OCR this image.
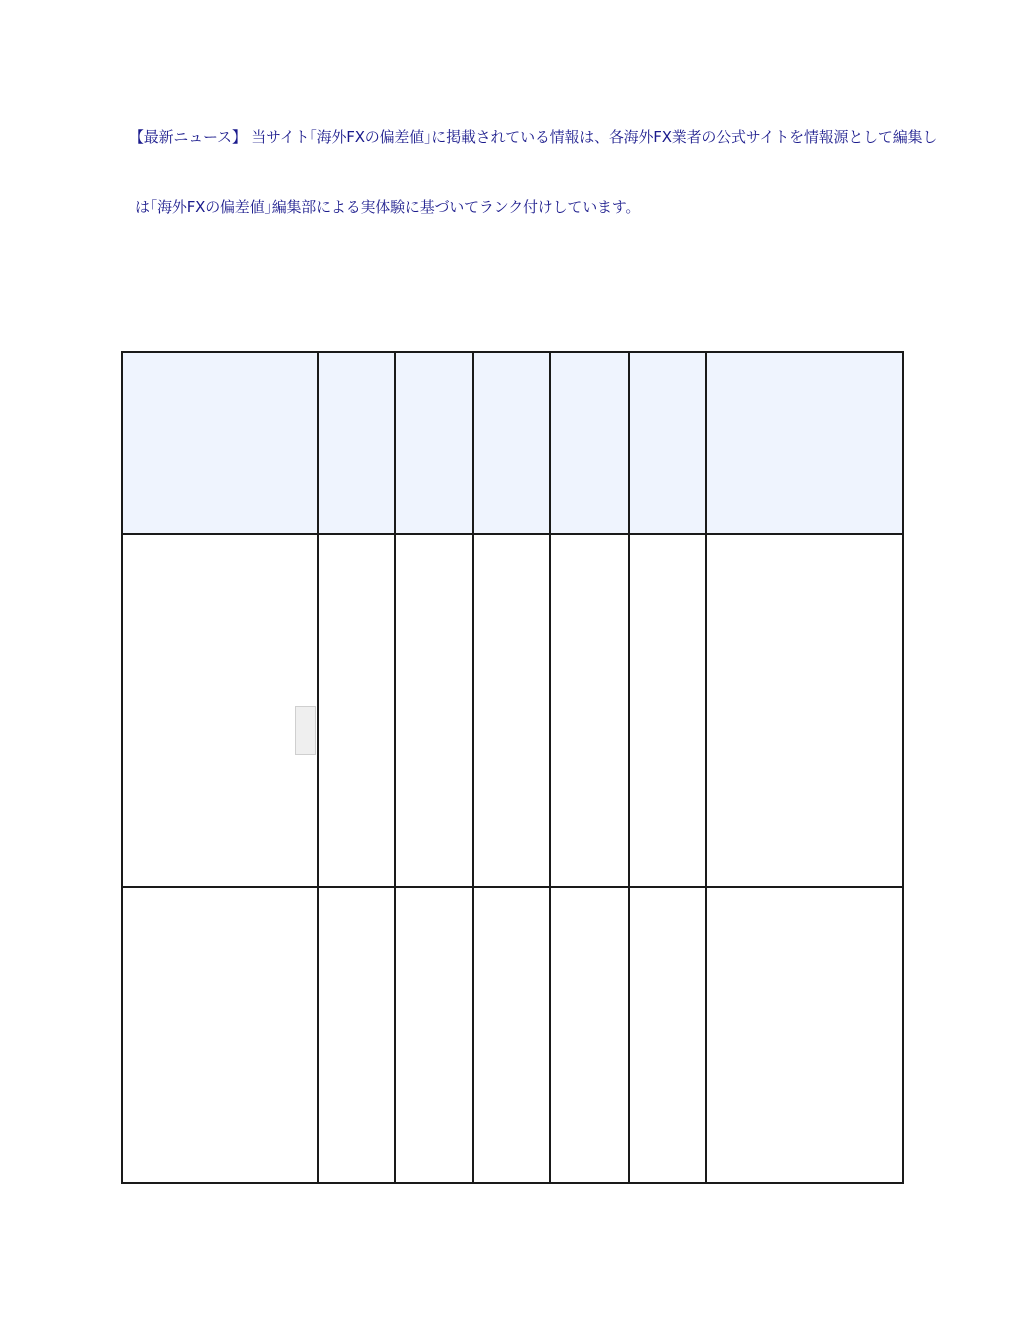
【最新ニュース】 当サイト｢海外FXの偏差値｣に掲載されている情報は、各海外FX業者の公式サイトを情報源として編集し

は｢海外FXの偏差値｣編集部による実体験に基づいてランク付けしています。
